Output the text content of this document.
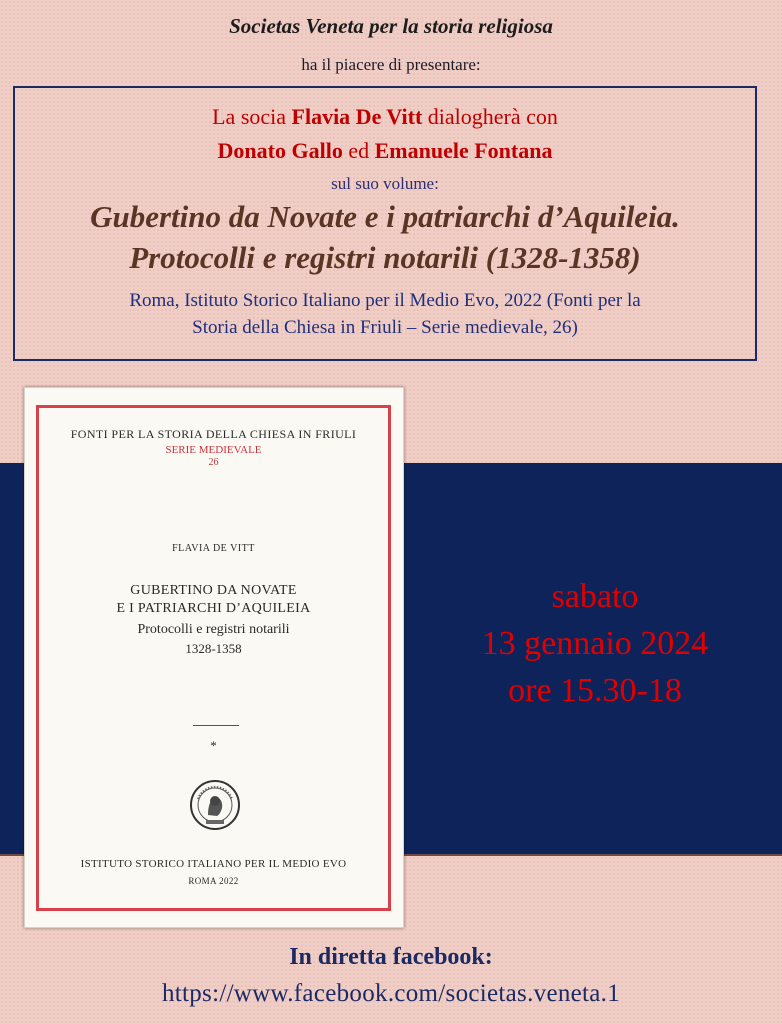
Societas Veneta per la storia religiosa
ha il piacere di presentare:
La socia Flavia De Vitt dialogherà con
Donato Gallo ed Emanuele Fontana
sul suo volume:
Gubertino da Novate e i patriarchi d’Aquileia.
Protocolli e registri notarili (1328-1358)
Roma, Istituto Storico Italiano per il Medio Evo, 2022 (Fonti per la
Storia della Chiesa in Friuli – Serie medievale, 26)
sabato
13 gennaio 2024
ore 15.30-18
FONTI PER LA STORIA DELLA CHIESA IN FRIULI
SERIE MEDIEVALE
26
FLAVIA DE VITT
GUBERTINO DA NOVATE
E I PATRIARCHI D’AQUILEIA
Protocolli e registri notarili
1328-1358
*
ISTITUTO STORICO ITALIANO PER IL MEDIO EVO
ROMA 2022
In diretta facebook:
https://www.facebook.com/societas.veneta.1
